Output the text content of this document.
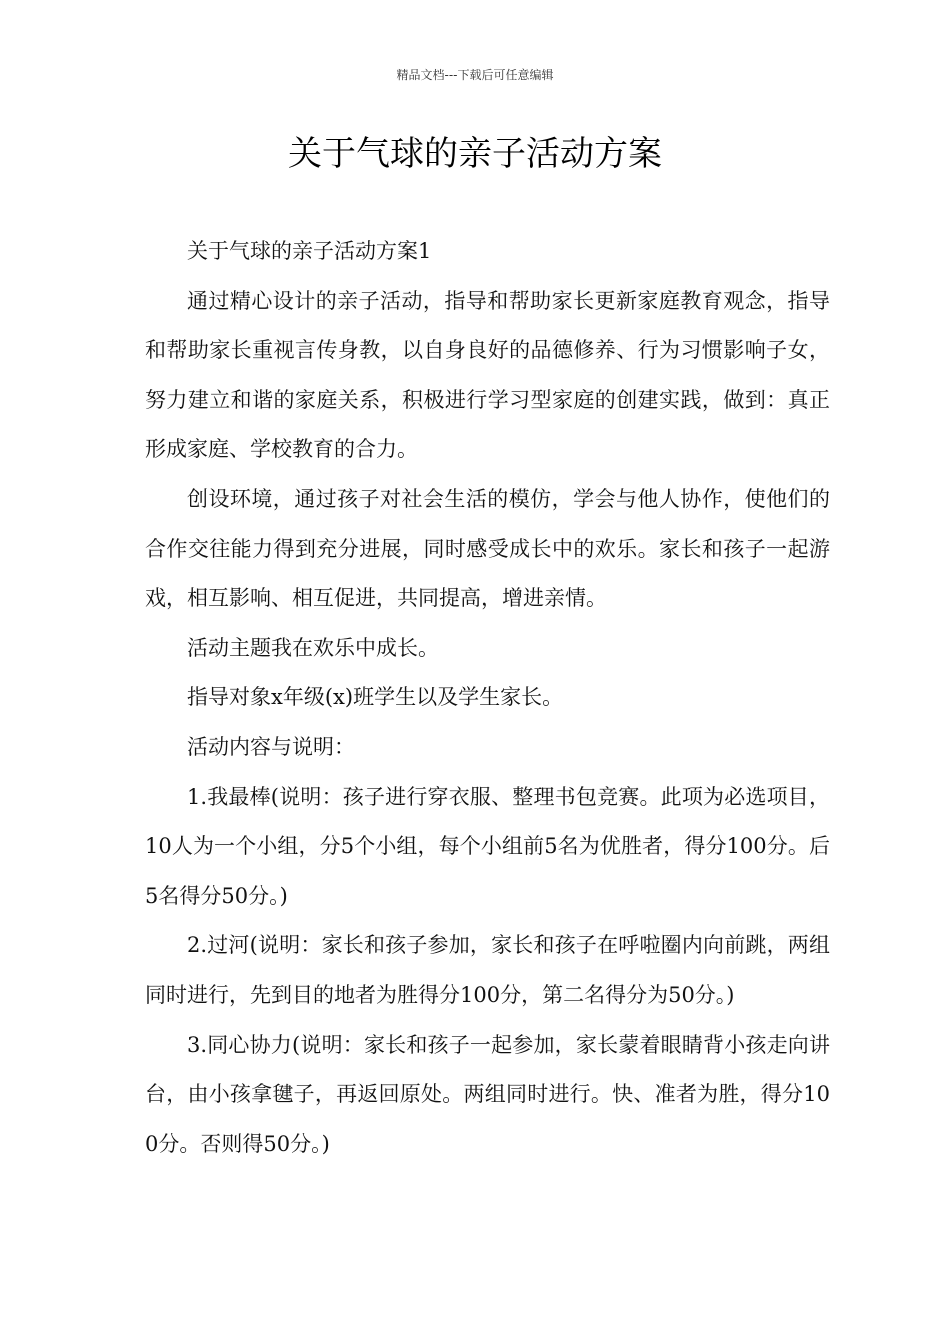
精品文档---下载后可任意编辑
关于气球的亲子活动方案

关于气球的亲子活动方案1

通过精心设计的亲子活动，指导和帮助家长更新家庭教育观念，指导和帮助家长重视言传身教，以自身良好的品德修养、行为习惯影响子女，努力建立和谐的家庭关系，积极进行学习型家庭的创建实践，做到：真正形成家庭、学校教育的合力。

创设环境，通过孩子对社会生活的模仿，学会与他人协作，使他们的合作交往能力得到充分进展，同时感受成长中的欢乐。家长和孩子一起游戏，相互影响、相互促进，共同提高，增进亲情。

活动主题我在欢乐中成长。

指导对象x年级(x)班学生以及学生家长。

活动内容与说明：

1.我最棒(说明：孩子进行穿衣服、整理书包竞赛。此项为必选项目，10人为一个小组，分5个小组，每个小组前5名为优胜者，得分100分。后5名得分50分。)

2.过河(说明：家长和孩子参加，家长和孩子在呼啦圈内向前跳，两组同时进行，先到目的地者为胜得分100分，第二名得分为50分。)

3.同心协力(说明：家长和孩子一起参加，家长蒙着眼睛背小孩走向讲台，由小孩拿毽子，再返回原处。两组同时进行。快、准者为胜，得分100分。否则得50分。)
